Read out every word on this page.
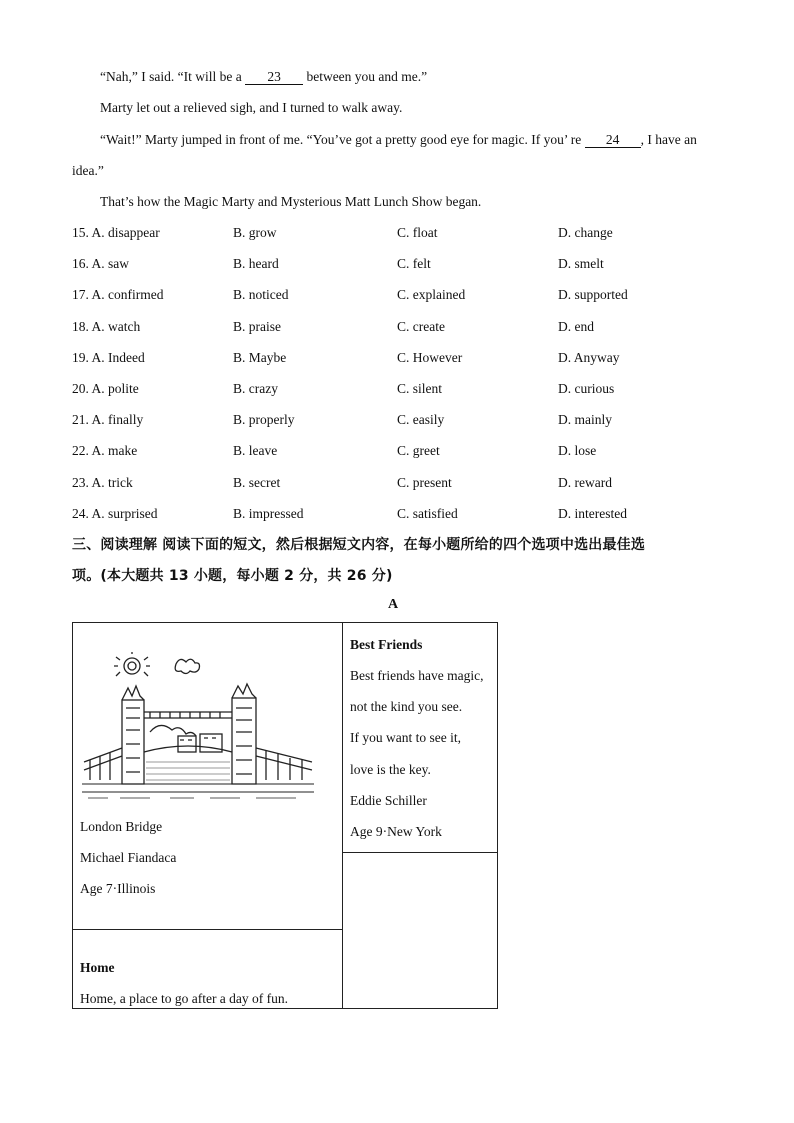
“Nah,” I said. “It will be a 23 between you and me.”
Marty let out a relieved sigh, and I turned to walk away.
“Wait!” Marty jumped in front of me. “You’ve got a pretty good eye for magic. If you’ re 24 , I have an
idea.”
That’s how the Magic Marty and Mysterious Matt Lunch Show began.
15. A. disappear	B. grow	C. float	D. change
16. A. saw	B. heard	C. felt	D. smelt
17. A. confirmed	B. noticed	C. explained	D. supported
18. A. watch	B. praise	C. create	D. end
19. A. Indeed	B. Maybe	C. However	D. Anyway
20. A. polite	B. crazy	C. silent	D. curious
21. A. finally	B. properly	C. easily	D. mainly
22. A. make	B. leave	C. greet	D. lose
23. A. trick	B. secret	C. present	D. reward
24. A. surprised	B. impressed	C. satisfied	D. interested
三、阅读理解 阅读下面的短文，然后根据短文内容，在每小题所给的四个选项中选出最佳选
项。(本大题共 13 小题，每小题 2 分，共 26 分)
A
London Bridge
Michael Fiandaca
Age 7·Illinois
Best Friends
Best friends have magic,
not the kind you see.
If you want to see it,
love is the key.
Eddie Schiller
Age 9·New York
Home
Home, a place to go after a day of fun.
